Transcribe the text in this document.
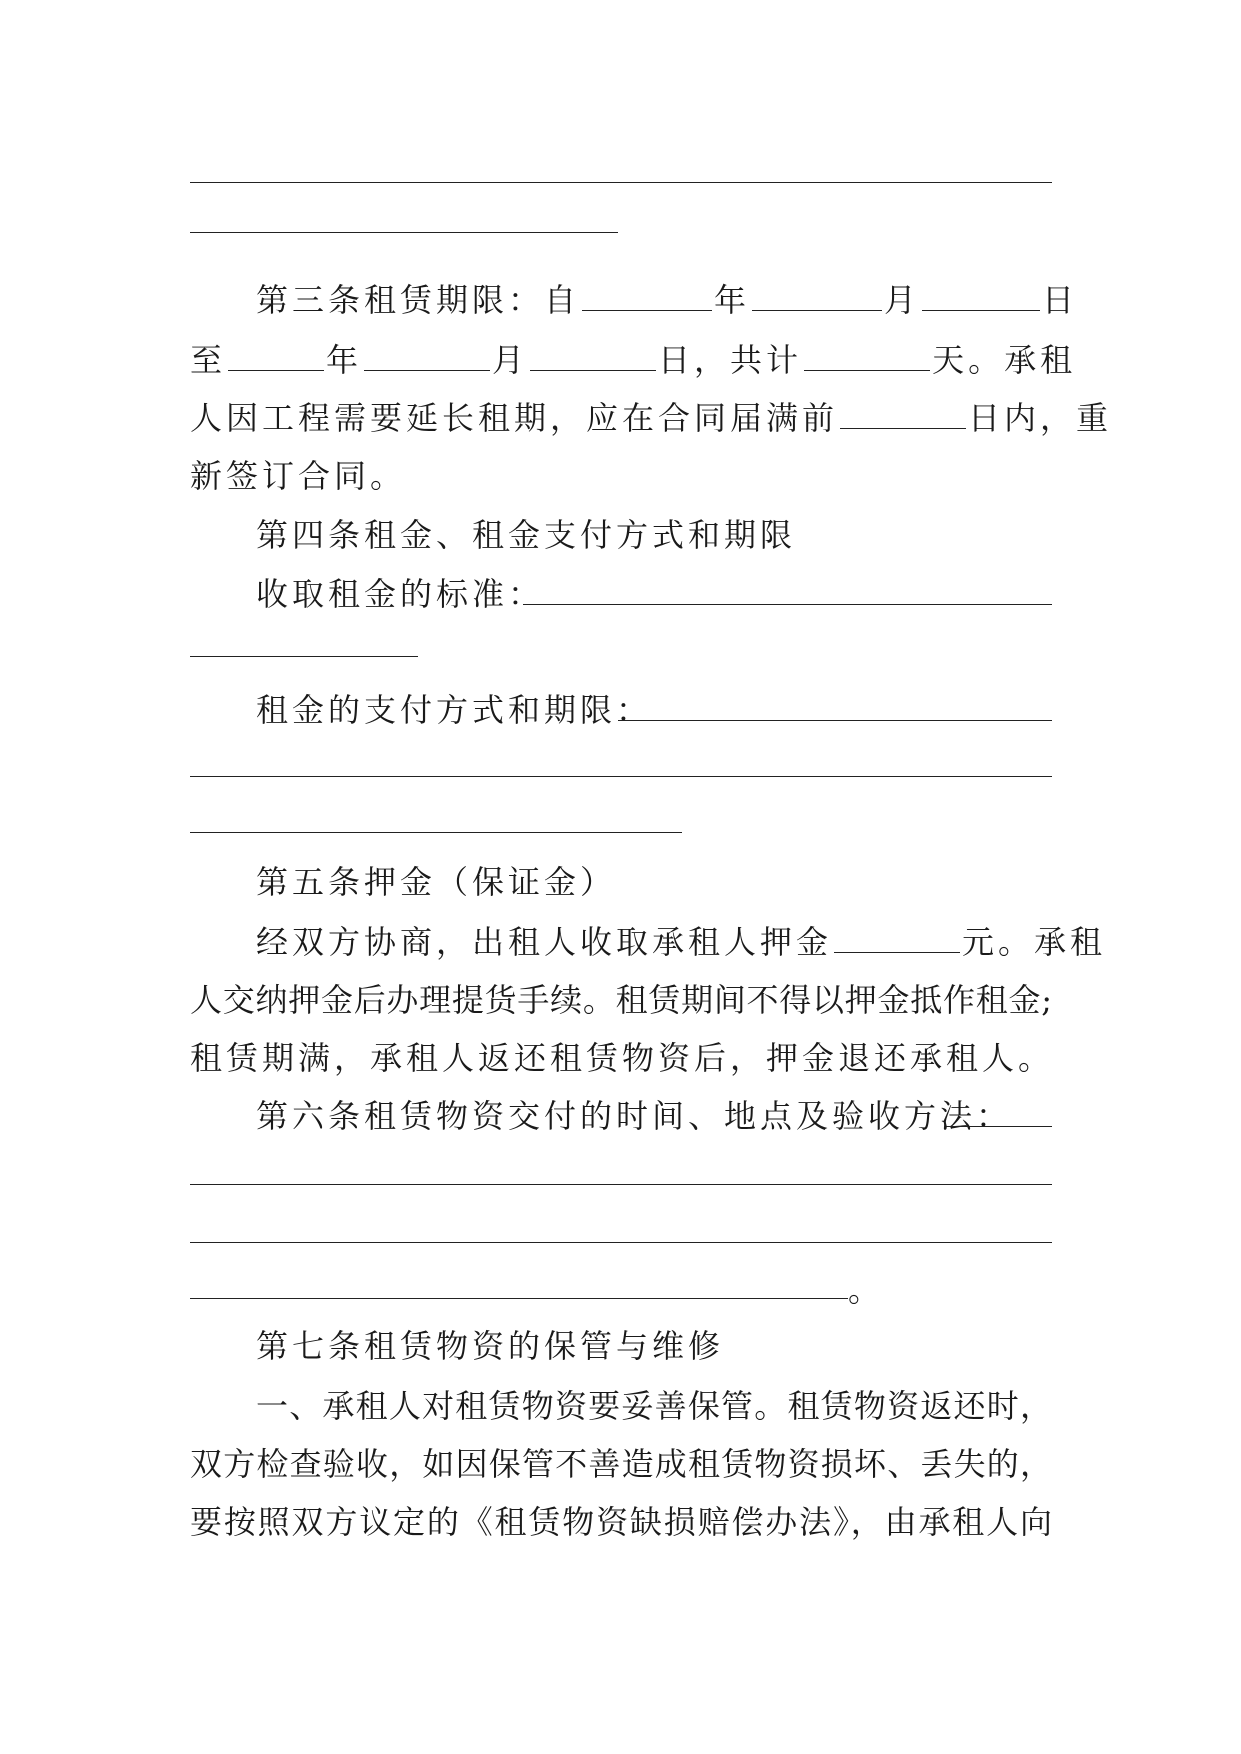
第三条租赁期限：自	年	月	日
至	年	月	日，共计	天。承租
人因工程需要延长租期，应在合同届满前	日内，重
新签订合同。
第四条租金、租金支付方式和期限
收取租金的标准：
租金的支付方式和期限：
第五条押金（保证金）
经双方协商，出租人收取承租人押金	元。承租
人交纳押金后办理提货手续。租赁期间不得以押金抵作租金;
租赁期满，承租人返还租赁物资后，押金退还承租人。
第六条租赁物资交付的时间、地点及验收方法：
。
第七条租赁物资的保管与维修
一、承租人对租赁物资要妥善保管。租赁物资返还时，
双方检查验收，如因保管不善造成租赁物资损坏、丢失的，
要按照双方议定的《租赁物资缺损赔偿办法》，由承租人向
